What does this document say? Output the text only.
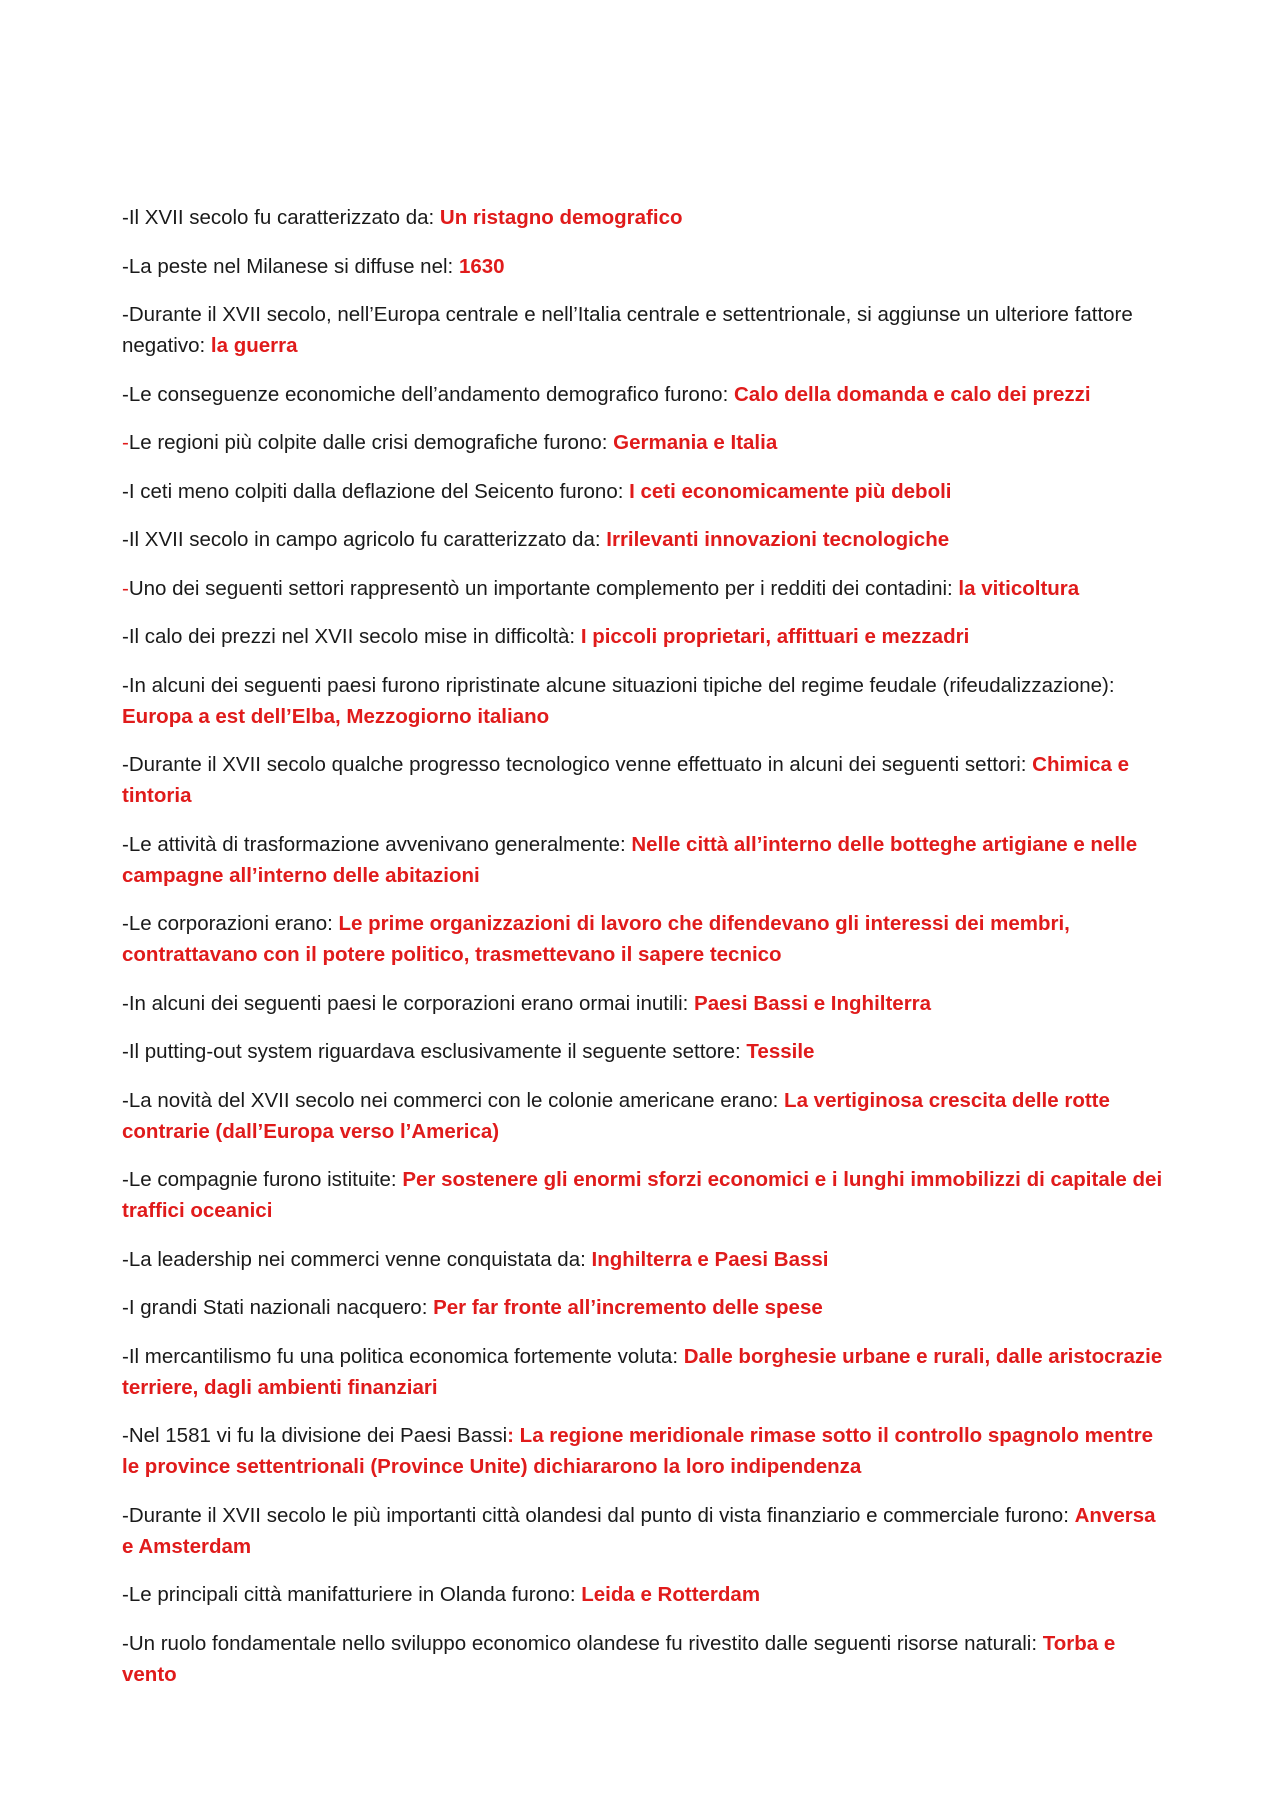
-Il XVII secolo fu caratterizzato da: Un ristagno demografico

-La peste nel Milanese si diffuse nel: 1630

-Durante il XVII secolo, nell’Europa centrale e nell’Italia centrale e settentrionale, si aggiunse un ulteriore fattore negativo: la guerra

-Le conseguenze economiche dell’andamento demografico furono: Calo della domanda e calo dei prezzi

-Le regioni più colpite dalle crisi demografiche furono: Germania e Italia

-I ceti meno colpiti dalla deflazione del Seicento furono: I ceti economicamente più deboli

-Il XVII secolo in campo agricolo fu caratterizzato da: Irrilevanti innovazioni tecnologiche

-Uno dei seguenti settori rappresentò un importante complemento per i redditi dei contadini: la viticoltura

-Il calo dei prezzi nel XVII secolo mise in difficoltà: I piccoli proprietari, affittuari e mezzadri

-In alcuni dei seguenti paesi furono ripristinate alcune situazioni tipiche del regime feudale (rifeudalizzazione): Europa a est dell’Elba, Mezzogiorno italiano

-Durante il XVII secolo qualche progresso tecnologico venne effettuato in alcuni dei seguenti settori: Chimica e tintoria

-Le attività di trasformazione avvenivano generalmente: Nelle città all’interno delle botteghe artigiane e nelle campagne all’interno delle abitazioni

-Le corporazioni erano: Le prime organizzazioni di lavoro che difendevano gli interessi dei membri, contrattavano con il potere politico, trasmettevano il sapere tecnico

-In alcuni dei seguenti paesi le corporazioni erano ormai inutili: Paesi Bassi e Inghilterra

-Il putting-out system riguardava esclusivamente il seguente settore: Tessile

-La novità del XVII secolo nei commerci con le colonie americane erano: La vertiginosa crescita delle rotte contrarie (dall’Europa verso l’America)

-Le compagnie furono istituite: Per sostenere gli enormi sforzi economici e i lunghi immobilizzi di capitale dei traffici oceanici

-La leadership nei commerci venne conquistata da: Inghilterra e Paesi Bassi

-I grandi Stati nazionali nacquero: Per far fronte all’incremento delle spese

-Il mercantilismo fu una politica economica fortemente voluta: Dalle borghesie urbane e rurali, dalle aristocrazie terriere, dagli ambienti finanziari

-Nel 1581 vi fu la divisione dei Paesi Bassi: La regione meridionale rimase sotto il controllo spagnolo mentre le province settentrionali (Province Unite) dichiararono la loro indipendenza

-Durante il XVII secolo le più importanti città olandesi dal punto di vista finanziario e commerciale furono: Anversa e Amsterdam

-Le principali città manifatturiere in Olanda furono: Leida e Rotterdam

-Un ruolo fondamentale nello sviluppo economico olandese fu rivestito dalle seguenti risorse naturali: Torba e vento
